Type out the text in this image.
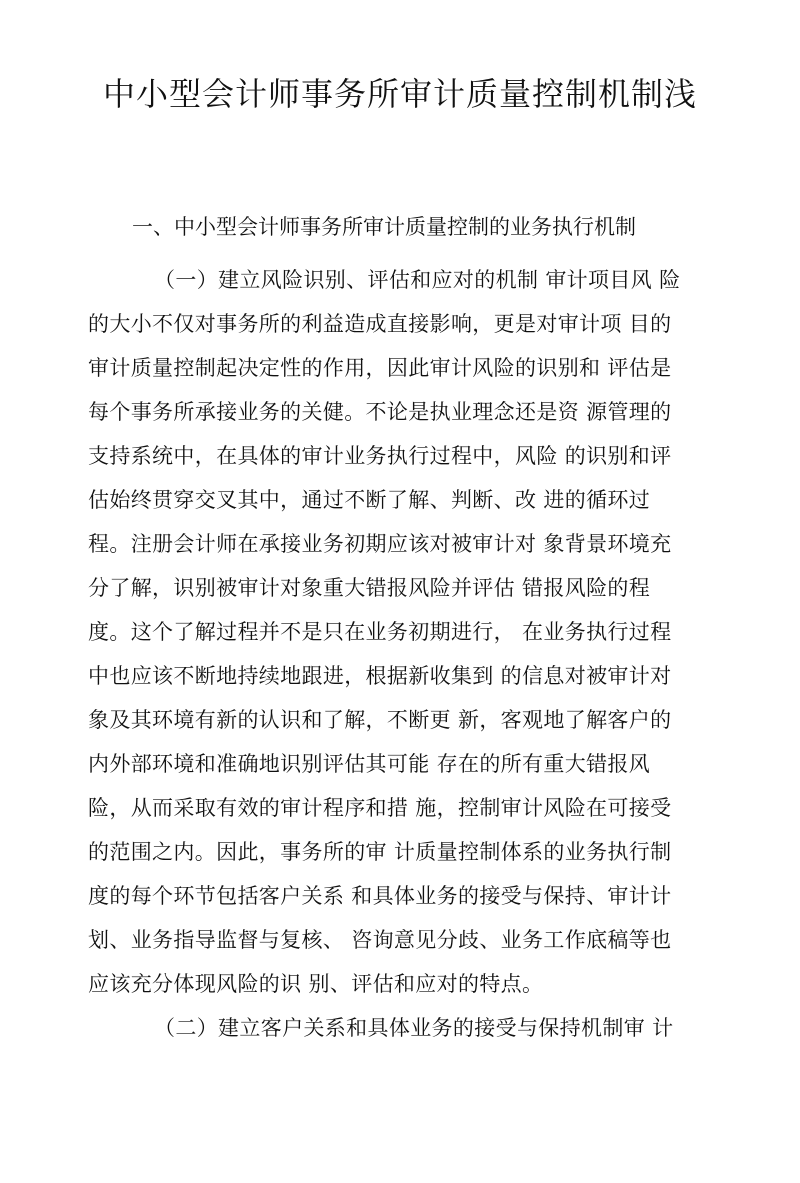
中小型会计师事务所审计质量控制机制浅
一、中小型会计师事务所审计质量控制的业务执行机制
（一）建立风险识别、评估和应对的机制 审计项目风 险
的大小不仅对事务所的利益造成直接影响，更是对审计项 目的
审计质量控制起决定性的作用，因此审计风险的识别和 评估是
每个事务所承接业务的关健。不论是执业理念还是资 源管理的
支持系统中，在具体的审计业务执行过程中，风险 的识别和评
估始终贯穿交叉其中，通过不断了解、判断、改 进的循环过
程。注册会计师在承接业务初期应该对被审计对 象背景环境充
分了解，识别被审计对象重大错报风险并评估 错报风险的程
度。这个了解过程并不是只在业务初期进行， 在业务执行过程
中也应该不断地持续地跟进，根据新收集到 的信息对被审计对
象及其环境有新的认识和了解，不断更 新，客观地了解客户的
内外部环境和准确地识别评估其可能 存在的所有重大错报风
险，从而采取有效的审计程序和措 施，控制审计风险在可接受
的范围之内。因此，事务所的审 计质量控制体系的业务执行制
度的每个环节包括客户关系 和具体业务的接受与保持、审计计
划、业务指导监督与复核、 咨询意见分歧、业务工作底稿等也
应该充分体现风险的识 别、评估和应对的特点。
（二）建立客户关系和具体业务的接受与保持机制审 计
